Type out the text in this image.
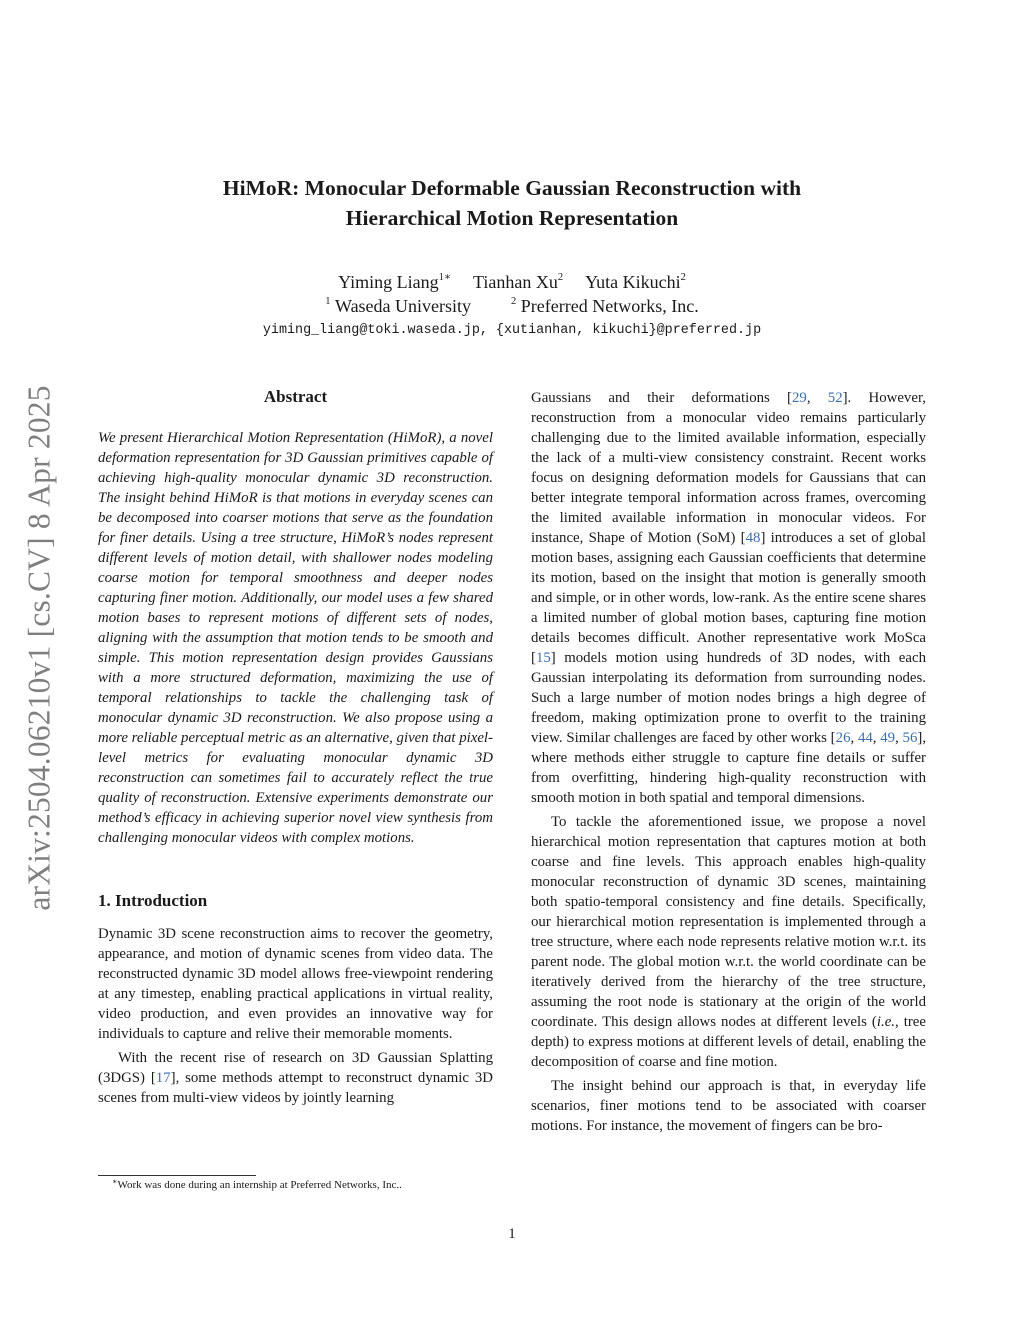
arXiv:2504.06210v1 [cs.CV] 8 Apr 2025
HiMoR: Monocular Deformable Gaussian Reconstruction with
Hierarchical Motion Representation
Yiming Liang$^{1∗}$ Tianhan Xu$^2$ Yuta Kikuchi$^2$
$^1$ Waseda University	$^2$ Preferred Networks, Inc.
yiming_liang@toki.waseda.jp, {xutianhan, kikuchi}@preferred.jp
Abstract

We present Hierarchical Motion Representation (HiMoR), a novel deformation representation for 3D Gaussian primitives capable of achieving high-quality monocular dynamic 3D reconstruction. The insight behind HiMoR is that motions in everyday scenes can be decomposed into coarser motions that serve as the foundation for finer details. Using a tree structure, HiMoR’s nodes represent different levels of motion detail, with shallower nodes modeling coarse motion for temporal smoothness and deeper nodes capturing finer motion. Additionally, our model uses a few shared motion bases to represent motions of different sets of nodes, aligning with the assumption that motion tends to be smooth and simple. This motion representation design provides Gaussians with a more structured deformation, maximizing the use of temporal relationships to tackle the challenging task of monocular dynamic 3D reconstruction. We also propose using a more reliable perceptual metric as an alternative, given that pixel-level metrics for evaluating monocular dynamic 3D reconstruction can sometimes fail to accurately reflect the true quality of reconstruction. Extensive experiments demonstrate our method’s efficacy in achieving superior novel view synthesis from challenging monocular videos with complex motions.

1. Introduction

Dynamic 3D scene reconstruction aims to recover the geometry, appearance, and motion of dynamic scenes from video data. The reconstructed dynamic 3D model allows free-viewpoint rendering at any timestep, enabling practical applications in virtual reality, video production, and even provides an innovative way for individuals to capture and relive their memorable moments.

With the recent rise of research on 3D Gaussian Splatting (3DGS) [17], some methods attempt to reconstruct dynamic 3D scenes from multi-view videos by jointly learning

Gaussians and their deformations [29, 52]. However, reconstruction from a monocular video remains particularly challenging due to the limited available information, especially the lack of a multi-view consistency constraint. Recent works focus on designing deformation models for Gaussians that can better integrate temporal information across frames, overcoming the limited available information in monocular videos. For instance, Shape of Motion (SoM) [48] introduces a set of global motion bases, assigning each Gaussian coefficients that determine its motion, based on the insight that motion is generally smooth and simple, or in other words, low-rank. As the entire scene shares a limited number of global motion bases, capturing fine motion details becomes difficult. Another representative work MoSca [15] models motion using hundreds of 3D nodes, with each Gaussian interpolating its deformation from surrounding nodes. Such a large number of motion nodes brings a high degree of freedom, making optimization prone to overfit to the training view. Similar challenges are faced by other works [26, 44, 49, 56], where methods either struggle to capture fine details or suffer from overfitting, hindering high-quality reconstruction with smooth motion in both spatial and temporal dimensions.

To tackle the aforementioned issue, we propose a novel hierarchical motion representation that captures motion at both coarse and fine levels. This approach enables high-quality monocular reconstruction of dynamic 3D scenes, maintaining both spatio-temporal consistency and fine details. Specifically, our hierarchical motion representation is implemented through a tree structure, where each node represents relative motion w.r.t. its parent node. The global motion w.r.t. the world coordinate can be iteratively derived from the hierarchy of the tree structure, assuming the root node is stationary at the origin of the world coordinate. This design allows nodes at different levels (i.e., tree depth) to express motions at different levels of detail, enabling the decomposition of coarse and fine motion.

The insight behind our approach is that, in everyday life scenarios, finer motions tend to be associated with coarser motions. For instance, the movement of fingers can be bro-

∗Work was done during an internship at Preferred Networks, Inc..
1
